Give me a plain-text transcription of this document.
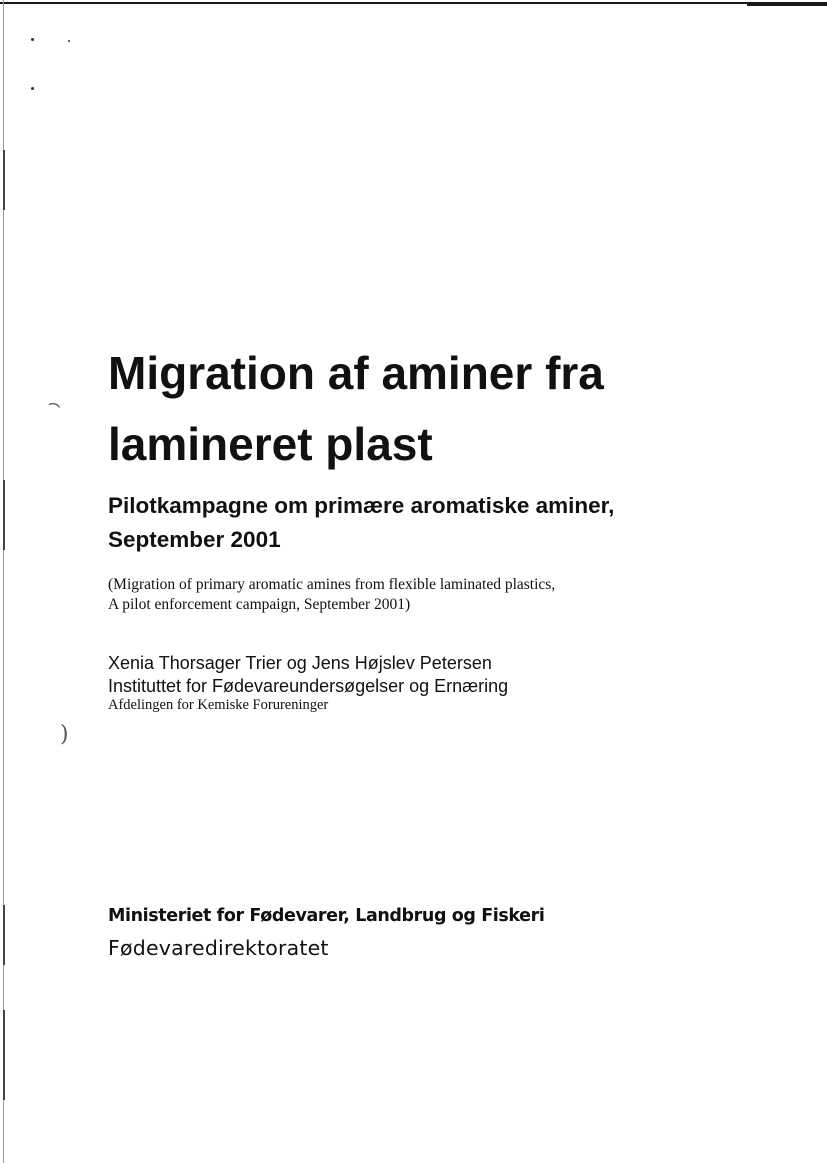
◝
)
Migration af aminer fra
lamineret plast
Pilotkampagne om primære aromatiske aminer,
September 2001

(Migration of primary aromatic amines from flexible laminated plastics,
A pilot enforcement campaign, September 2001)

Xenia Thorsager Trier og Jens Højslev Petersen
Instituttet for Fødevareundersøgelser og Ernæring

Afdelingen for Kemiske Forureninger

Ministeriet for Fødevarer, Landbrug og Fiskeri

Fødevaredirektoratet
